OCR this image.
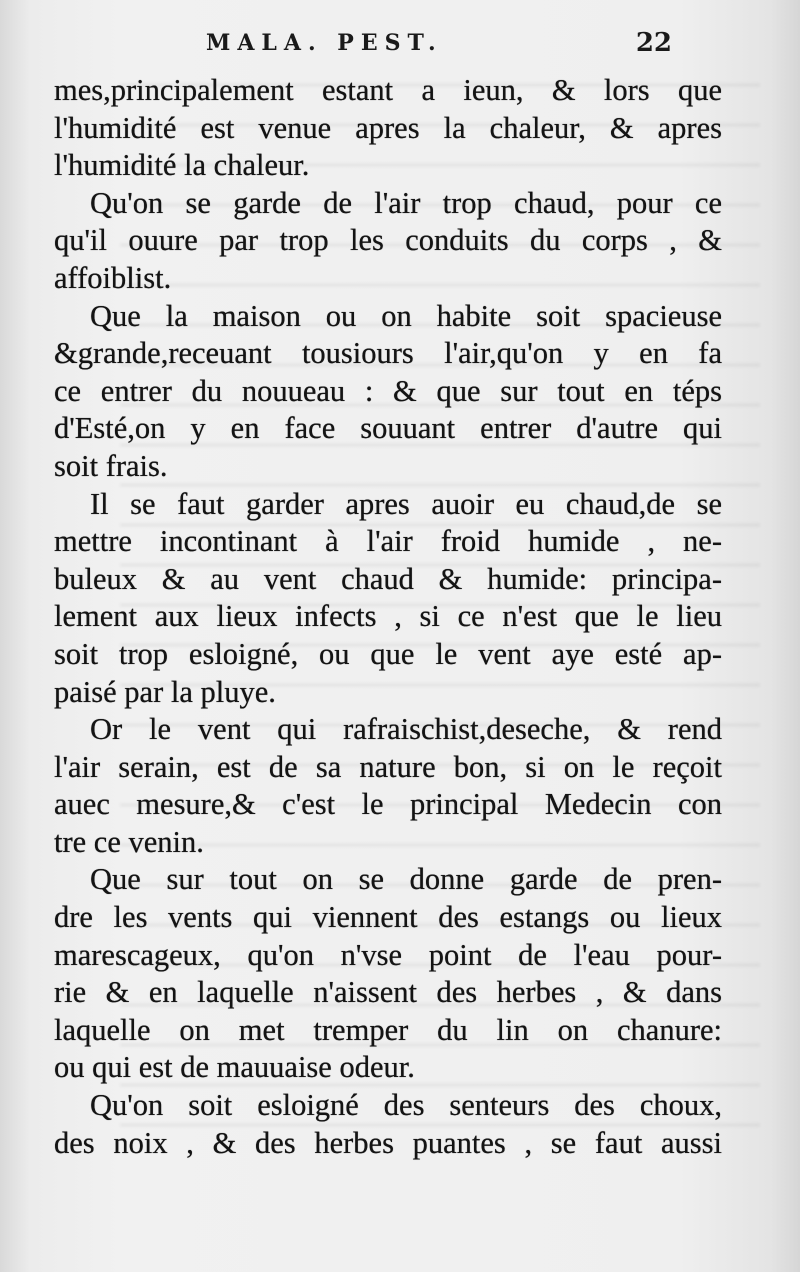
MALA. PEST.	22
mes,principalement estant a ieun, & lors que
l'humidité est venue apres la chaleur, & apres
l'humidité la chaleur.
Qu'on se garde de l'air trop chaud, pour ce
qu'il ouure par trop les conduits du corps , &
affoiblist.
Que la maison ou on habite soit spacieuse
&grande,receuant tousiours l'air,qu'on y en fa
ce entrer du nouueau : & que sur tout en téps
d'Esté,on y en face souuant entrer d'autre qui
soit frais.
Il se faut garder apres auoir eu chaud,de se
mettre incontinant à l'air froid humide , ne-
buleux & au vent chaud & humide: principa-
lement aux lieux infects , si ce n'est que le lieu
soit trop esloigné, ou que le vent aye esté ap-
paisé par la pluye.
Or le vent qui rafraischist,deseche, & rend
l'air serain, est de sa nature bon, si on le reçoit
auec mesure,& c'est le principal Medecin con
tre ce venin.
Que sur tout on se donne garde de pren-
dre les vents qui viennent des estangs ou lieux
marescageux, qu'on n'vse point de l'eau pour-
rie & en laquelle n'aissent des herbes , & dans
laquelle on met tremper du lin on chanure:
ou qui est de mauuaise odeur.
Qu'on soit esloigné des senteurs des choux,
des noix , & des herbes puantes , se faut aussi
